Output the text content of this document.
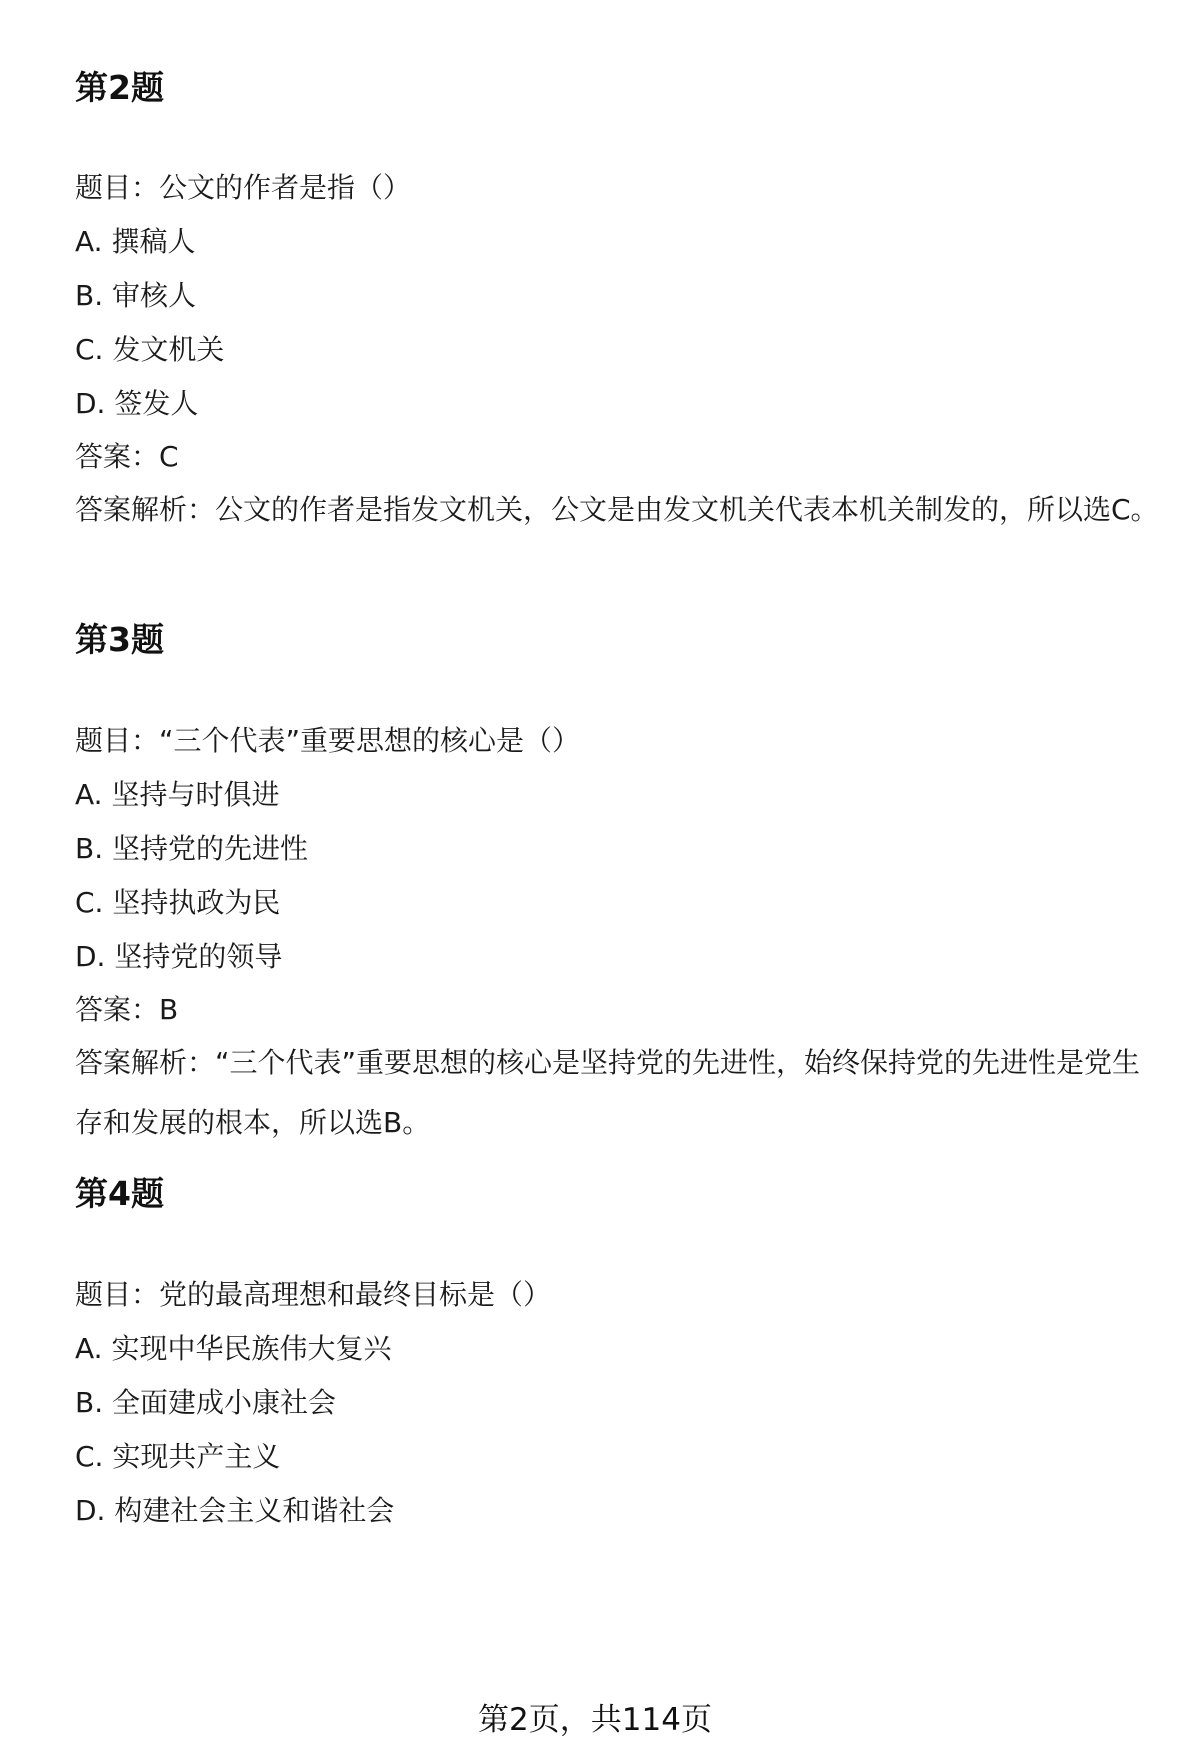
第2题
题目：公文的作者是指（）
A. 撰稿人
B. 审核人
C. 发文机关
D. 签发人
答案：C
答案解析：公文的作者是指发文机关，公文是由发文机关代表本机关制发的，所以选C。
第3题
题目：“三个代表”重要思想的核心是（）
A. 坚持与时俱进
B. 坚持党的先进性
C. 坚持执政为民
D. 坚持党的领导
答案：B
答案解析：“三个代表”重要思想的核心是坚持党的先进性，始终保持党的先进性是党生存和发展的根本，所以选B。
第4题
题目：党的最高理想和最终目标是（）
A. 实现中华民族伟大复兴
B. 全面建成小康社会
C. 实现共产主义
D. 构建社会主义和谐社会
第2页，共114页
